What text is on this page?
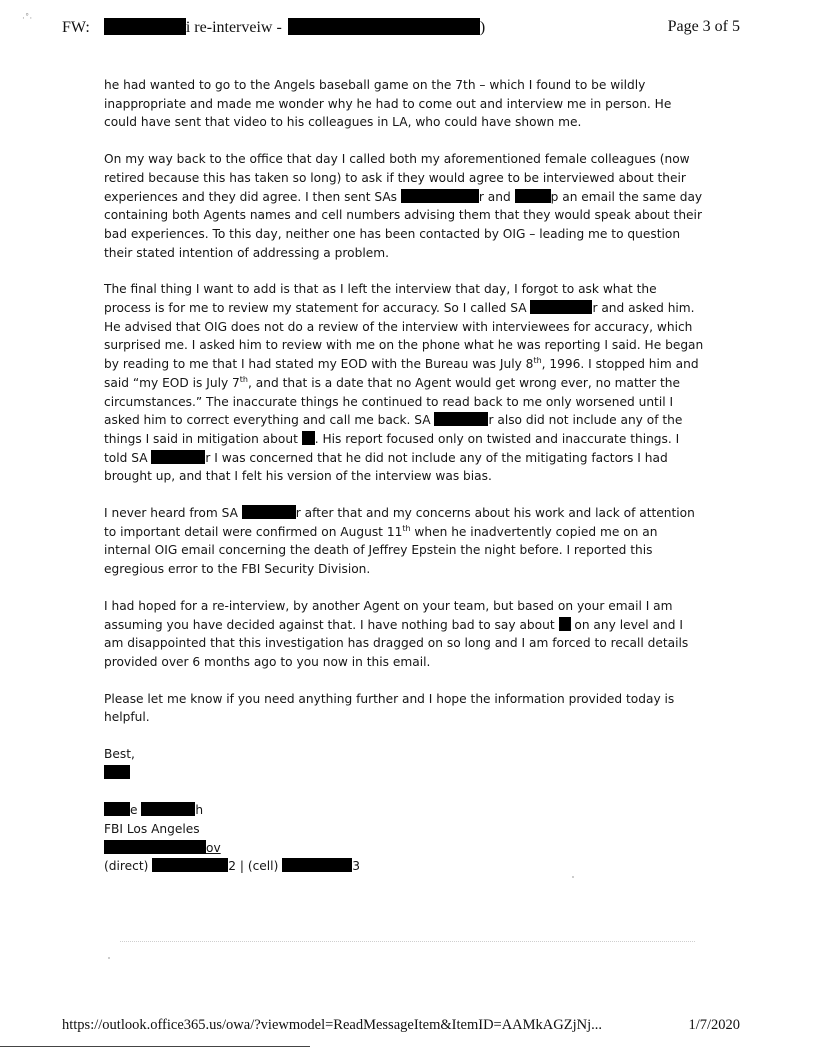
·˚· FW:	i re-interveiw -	)	Page 3 of 5

he had wanted to go to the Angels baseball game on the 7th – which I found to be wildly inappropriate and made me wonder why he had to come out and interview me in person. He could have sent that video to his colleagues in LA, who could have shown me.

On my way back to the office that day I called both my aforementioned female colleagues (now retired because this has taken so long) to ask if they would agree to be interviewed about their experiences and they did agree. I then sent SAs	r and	p an email the same day containing both Agents names and cell numbers advising them that they would speak about their bad experiences. To this day, neither one has been contacted by OIG – leading me to question their stated intention of addressing a problem.

The final thing I want to add is that as I left the interview that day, I forgot to ask what the process is for me to review my statement for accuracy. So I called SA	r and asked him. He advised that OIG does not do a review of the interview with interviewees for accuracy, which surprised me. I asked him to review with me on the phone what he was reporting I said. He began by reading to me that I had stated my EOD with the Bureau was July 8th, 1996. I stopped him and said “my EOD is July 7th, and that is a date that no Agent would get wrong ever, no matter the circumstances.” The inaccurate things he continued to read back to me only worsened until I asked him to correct everything and call me back. SA	r also did not include any of the things I said in mitigation about . His report focused only on twisted and inaccurate things. I told SA	r I was concerned that he did not include any of the mitigating factors I had brought up, and that I felt his version of the interview was bias.

I never heard from SA	r after that and my concerns about his work and lack of attention to important detail were confirmed on August 11th when he inadvertently copied me on an internal OIG email concerning the death of Jeffrey Epstein the night before. I reported this egregious error to the FBI Security Division.

I had hoped for a re-interview, by another Agent on your team, but based on your email I am assuming you have decided against that. I have nothing bad to say about  on any level and I am disappointed that this investigation has dragged on so long and I am forced to recall details provided over 6 months ago to you now in this email.

Please let me know if you need anything further and I hope the information provided today is helpful.

Best,
e	h
FBI Los Angeles
ov
(direct)	2 | (cell)	3
https://outlook.office365.us/owa/?viewmodel=ReadMessageItem&ItemID=AAMkAGZjNj...	1/7/2020
